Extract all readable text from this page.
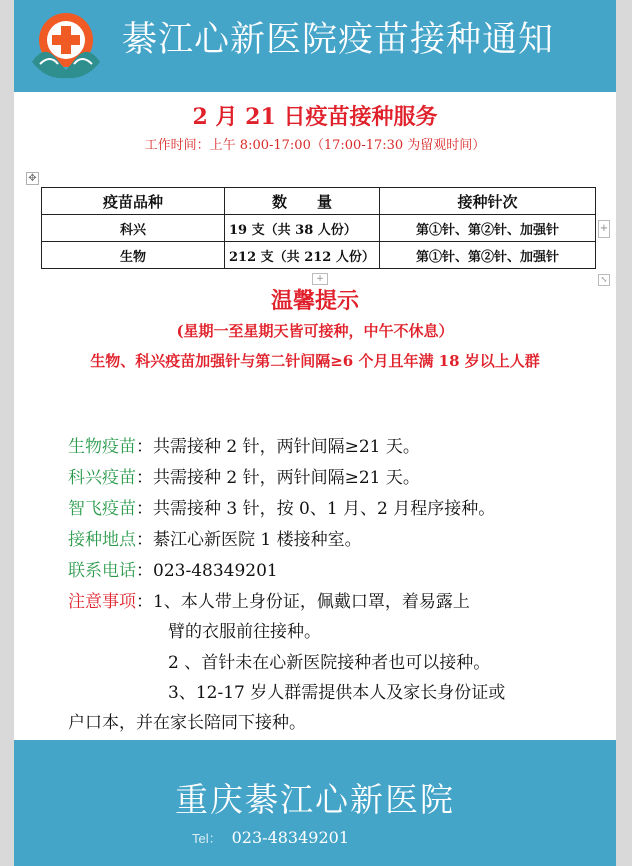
綦江心新医院疫苗接种通知
2 月 21 日疫苗接种服务
工作时间：上午 8:00-17:00（17:00-17:30 为留观时间）
✥
疫苗品种	数　　量	接种针次
科兴	19 支（共 38 人份）	第①针、第②针、加强针
生物	212 支（共 212 人份）	第①针、第②针、加强针
+
+	⤡
温馨提示
(星期一至星期天皆可接种，中午不休息）
生物、科兴疫苗加强针与第二针间隔≥6 个月且年满 18 岁以上人群
生物疫苗：共需接种 2 针，两针间隔≥21 天。
科兴疫苗：共需接种 2 针，两针间隔≥21 天。
智飞疫苗：共需接种 3 针，按 0、1 月、2 月程序接种。
接种地点：綦江心新医院 1 楼接种室。
联系电话：023-48349201
注意事项：1、本人带上身份证，佩戴口罩，着易露上
臂的衣服前往接种。
2 、首针未在心新医院接种者也可以接种。
3、12-17 岁人群需提供本人及家长身份证或
户口本，并在家长陪同下接种。
重庆綦江心新医院
Tel： 023-48349201
